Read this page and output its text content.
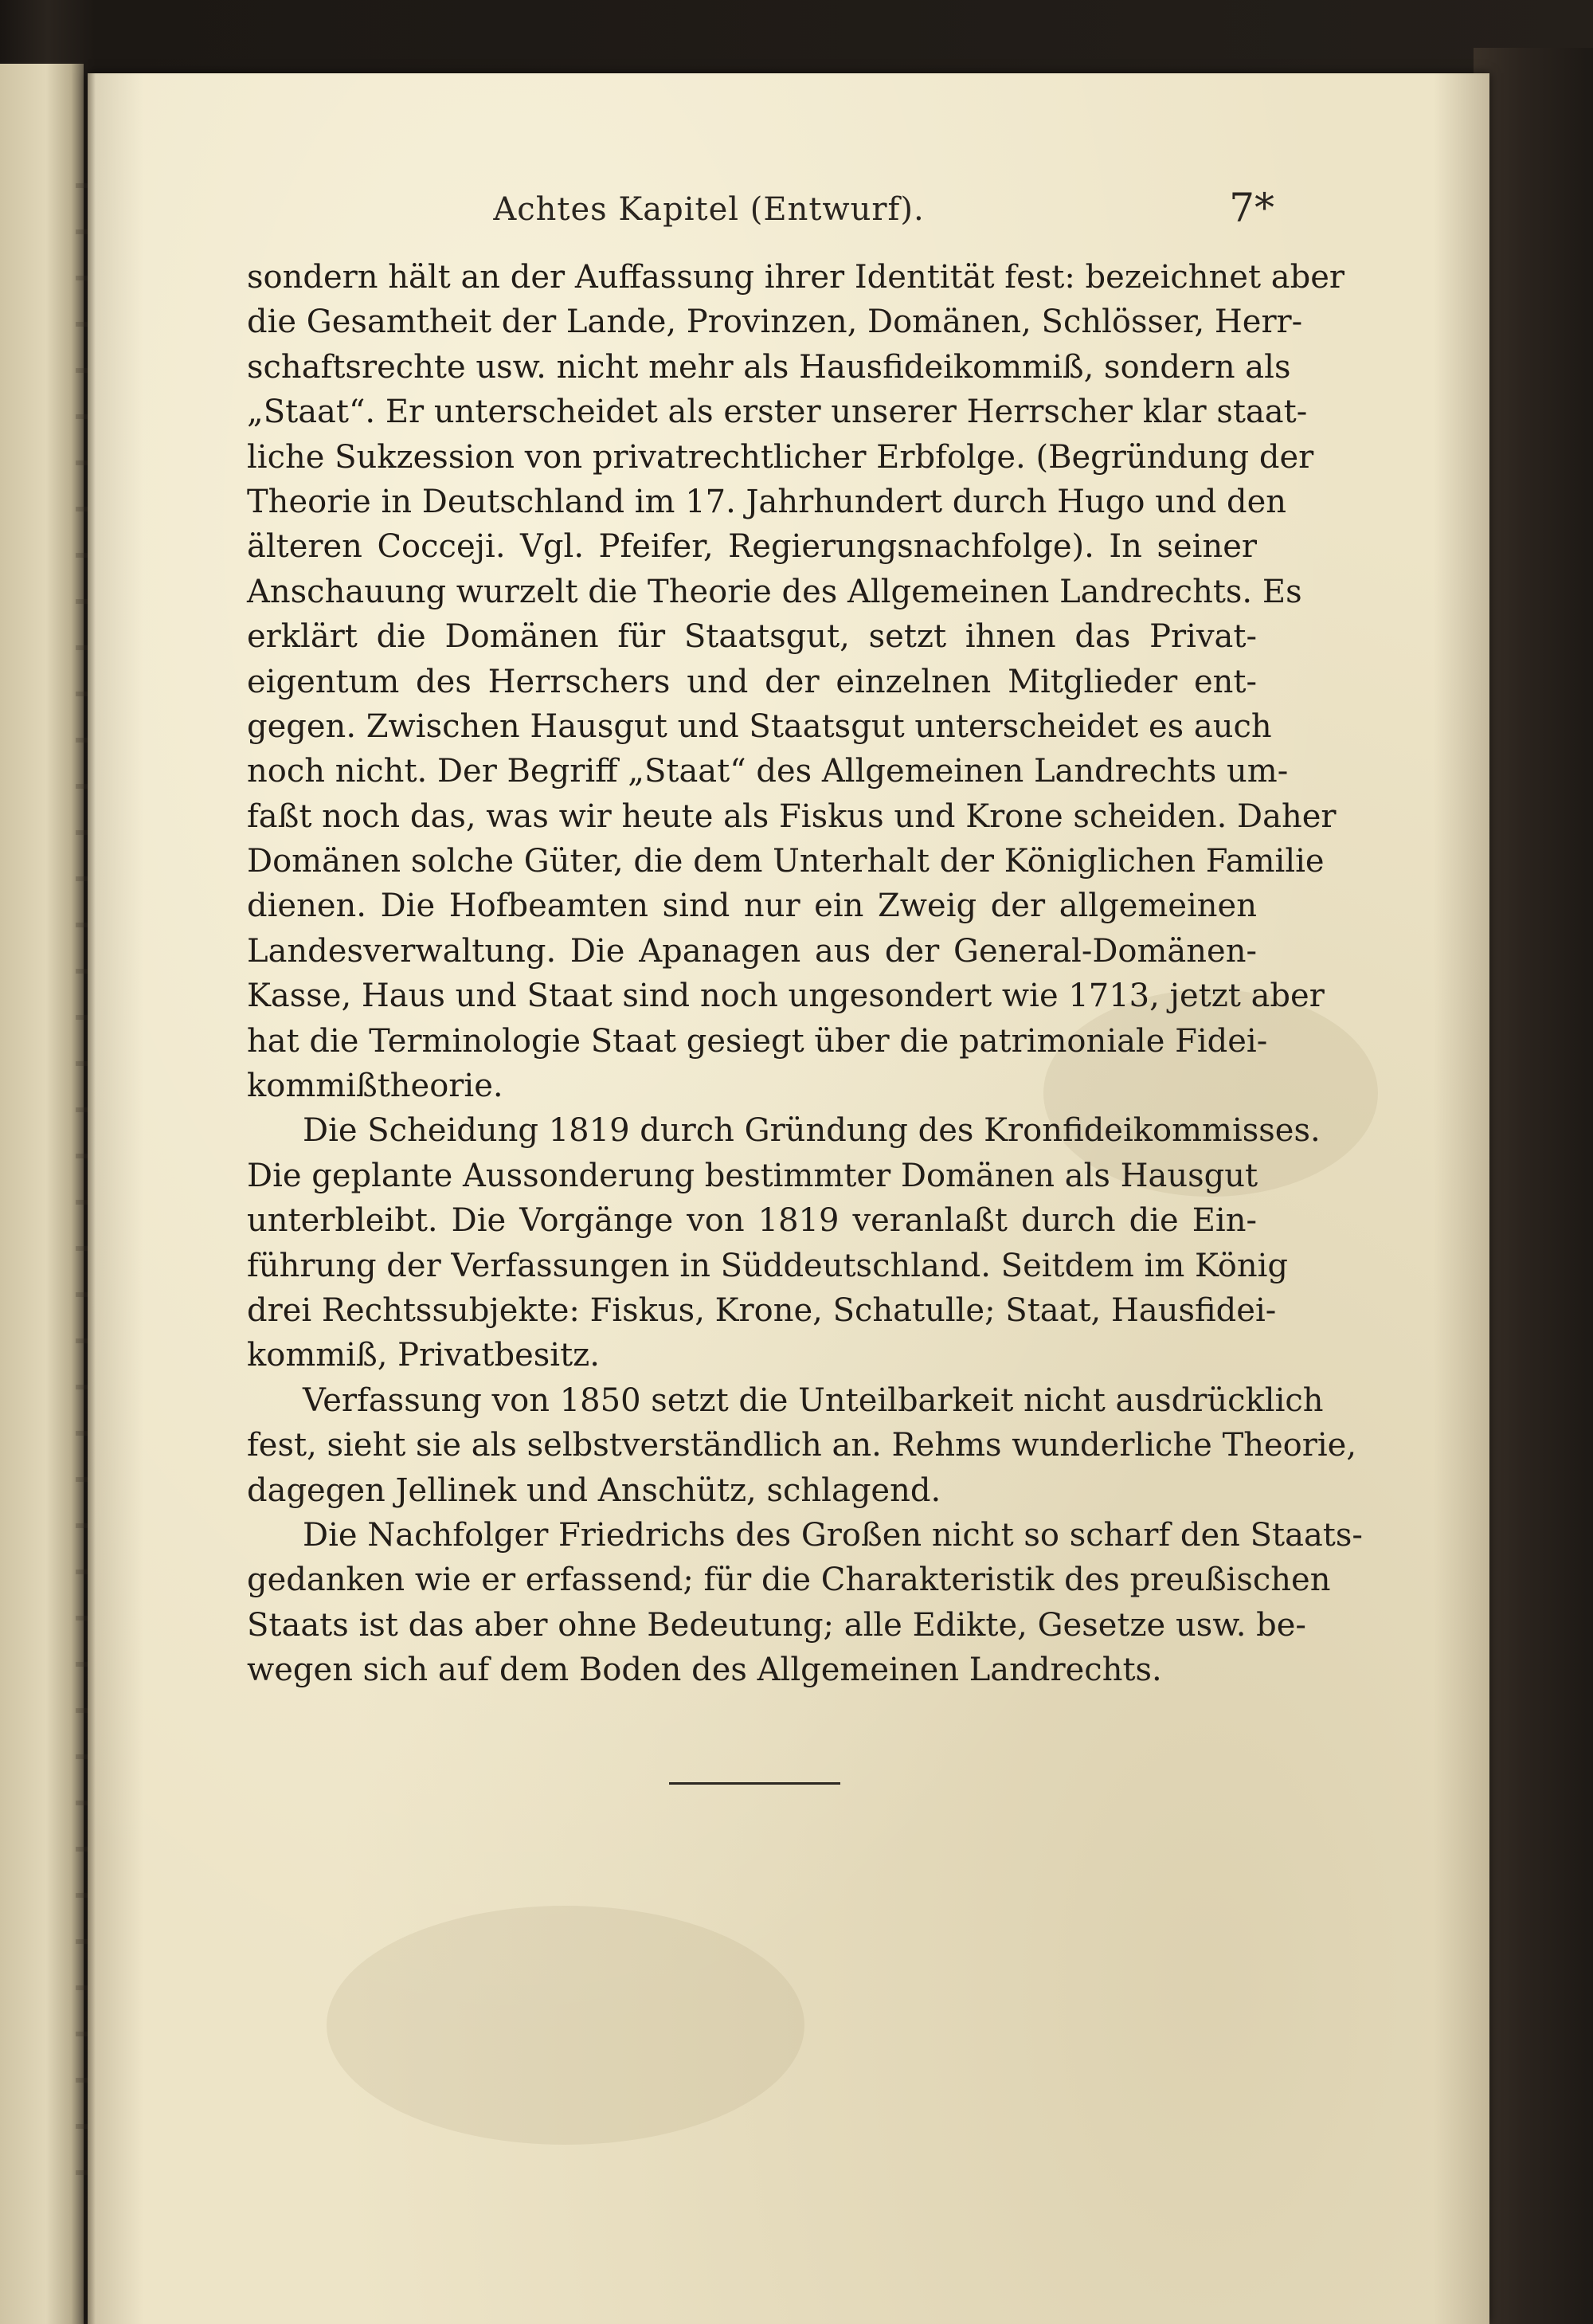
Achtes Kapitel (Entwurf).	7*
sondern hält an der Auffassung ihrer Identität fest: bezeichnet aber
die Gesamtheit der Lande, Provinzen, Domänen, Schlösser, Herr-
schaftsrechte usw. nicht mehr als Hausfideikommiß, sondern als
„Staat“. Er unterscheidet als erster unserer Herrscher klar staat-
liche Sukzession von privatrechtlicher Erbfolge. (Begründung der
Theorie in Deutschland im 17. Jahrhundert durch Hugo und den
älteren Cocceji. Vgl. Pfeifer, Regierungsnachfolge). In seiner
Anschauung wurzelt die Theorie des Allgemeinen Landrechts. Es
erklärt die Domänen für Staatsgut, setzt ihnen das Privat-
eigentum des Herrschers und der einzelnen Mitglieder ent-
gegen. Zwischen Hausgut und Staatsgut unterscheidet es auch
noch nicht. Der Begriff „Staat“ des Allgemeinen Landrechts um-
faßt noch das, was wir heute als Fiskus und Krone scheiden. Daher
Domänen solche Güter, die dem Unterhalt der Königlichen Familie
dienen. Die Hofbeamten sind nur ein Zweig der allgemeinen
Landesverwaltung. Die Apanagen aus der General-Domänen-
Kasse, Haus und Staat sind noch ungesondert wie 1713, jetzt aber
hat die Terminologie Staat gesiegt über die patrimoniale Fidei-
kommißtheorie.
Die Scheidung 1819 durch Gründung des Kronfideikommisses.
Die geplante Aussonderung bestimmter Domänen als Hausgut
unterbleibt. Die Vorgänge von 1819 veranlaßt durch die Ein-
führung der Verfassungen in Süddeutschland. Seitdem im König
drei Rechtssubjekte: Fiskus, Krone, Schatulle; Staat, Hausfidei-
kommiß, Privatbesitz.
Verfassung von 1850 setzt die Unteilbarkeit nicht ausdrücklich
fest, sieht sie als selbstverständlich an. Rehms wunderliche Theorie,
dagegen Jellinek und Anschütz, schlagend.
Die Nachfolger Friedrichs des Großen nicht so scharf den Staats-
gedanken wie er erfassend; für die Charakteristik des preußischen
Staats ist das aber ohne Bedeutung; alle Edikte, Gesetze usw. be-
wegen sich auf dem Boden des Allgemeinen Landrechts.
